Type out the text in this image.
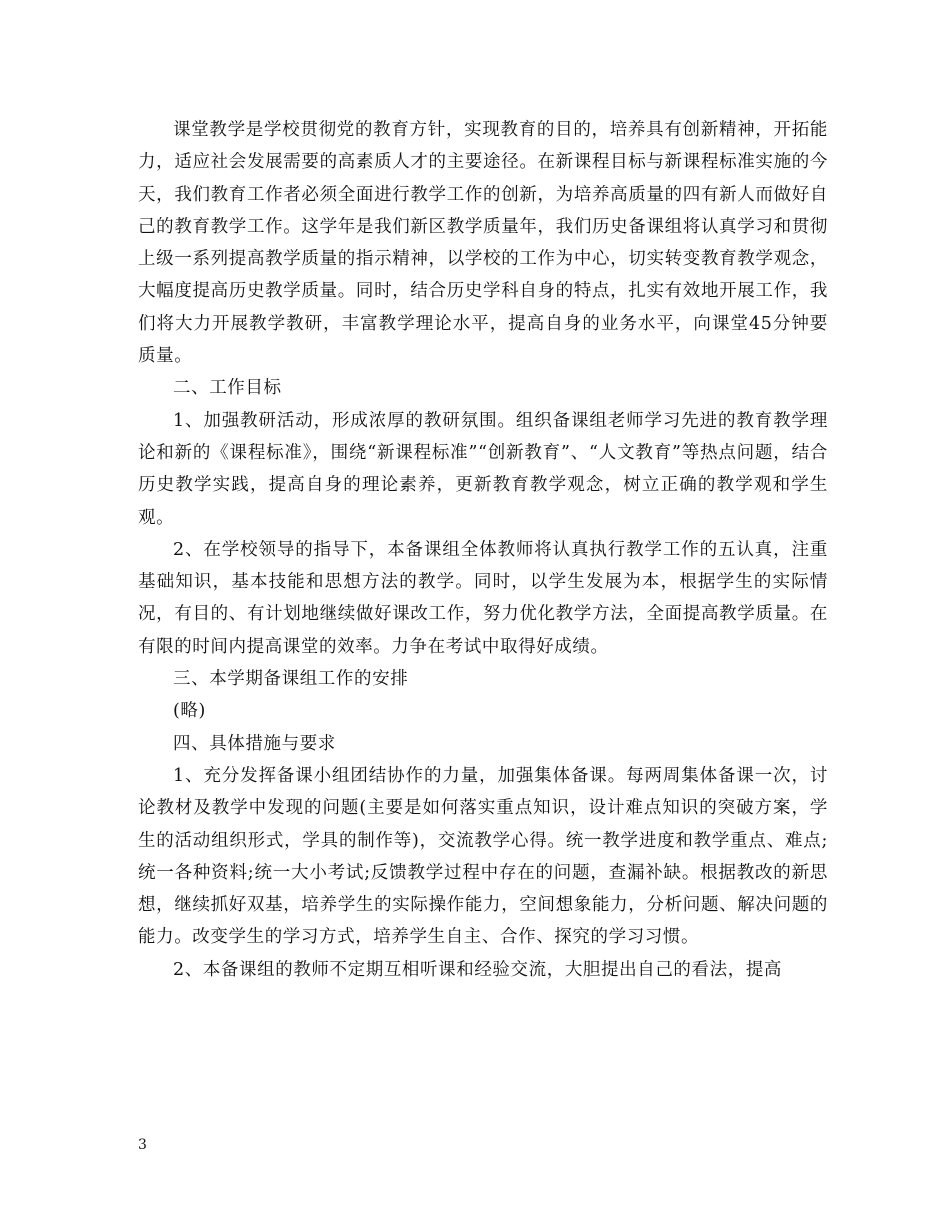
课堂教学是学校贯彻党的教育方针，实现教育的目的，培养具有创新精神，开拓能力，适应社会发展需要的高素质人才的主要途径。在新课程目标与新课程标准实施的今天，我们教育工作者必须全面进行教学工作的创新，为培养高质量的四有新人而做好自己的教育教学工作。这学年是我们新区教学质量年，我们历史备课组将认真学习和贯彻上级一系列提高教学质量的指示精神，以学校的工作为中心，切实转变教育教学观念，大幅度提高历史教学质量。同时，结合历史学科自身的特点，扎实有效地开展工作，我们将大力开展教学教研，丰富教学理论水平，提高自身的业务水平，向课堂45分钟要质量。

二、工作目标

1、加强教研活动，形成浓厚的教研氛围。组织备课组老师学习先进的教育教学理论和新的《课程标准》，围绕“新课程标准”“创新教育”、“人文教育”等热点问题，结合历史教学实践，提高自身的理论素养，更新教育教学观念，树立正确的教学观和学生观。

2、在学校领导的指导下，本备课组全体教师将认真执行教学工作的五认真，注重基础知识，基本技能和思想方法的教学。同时，以学生发展为本，根据学生的实际情况，有目的、有计划地继续做好课改工作，努力优化教学方法，全面提高教学质量。在有限的时间内提高课堂的效率。力争在考试中取得好成绩。

三、本学期备课组工作的安排

(略)

四、具体措施与要求

1、充分发挥备课小组团结协作的力量，加强集体备课。每两周集体备课一次，讨论教材及教学中发现的问题(主要是如何落实重点知识，设计难点知识的突破方案，学生的活动组织形式，学具的制作等)，交流教学心得。统一教学进度和教学重点、难点;统一各种资料;统一大小考试;反馈教学过程中存在的问题，查漏补缺。根据教改的新思想，继续抓好双基，培养学生的实际操作能力，空间想象能力，分析问题、解决问题的能力。改变学生的学习方式，培养学生自主、合作、探究的学习习惯。

2、本备课组的教师不定期互相听课和经验交流，大胆提出自己的看法，提高

3
